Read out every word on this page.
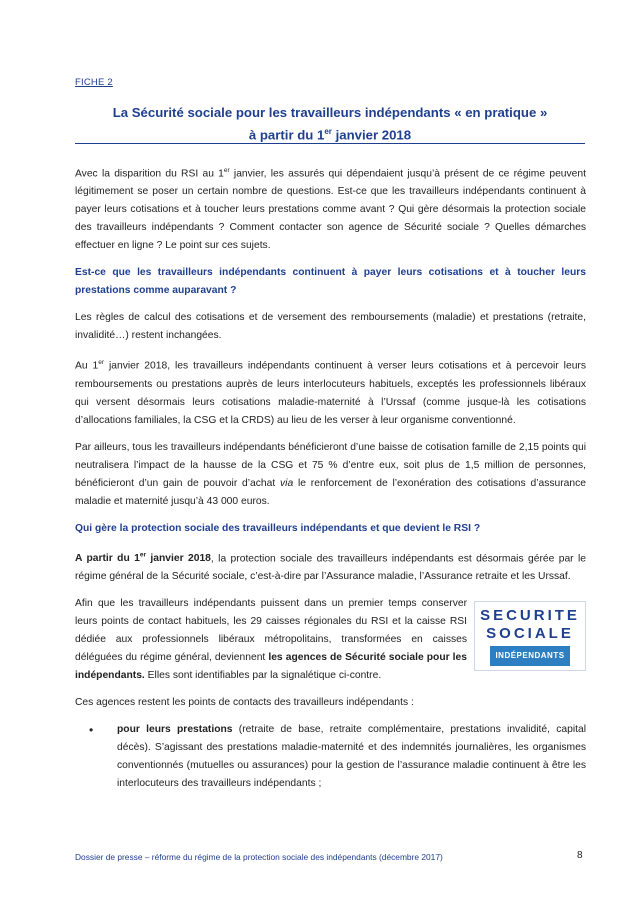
FICHE 2
La Sécurité sociale pour les travailleurs indépendants « en pratique »
à partir du 1er janvier 2018

Avec la disparition du RSI au 1er janvier, les assurés qui dépendaient jusqu’à présent de ce régime peuvent légitimement se poser un certain nombre de questions. Est-ce que les travailleurs indépendants continuent à payer leurs cotisations et à toucher leurs prestations comme avant ? Qui gère désormais la protection sociale des travailleurs indépendants ? Comment contacter son agence de Sécurité sociale ? Quelles démarches effectuer en ligne ? Le point sur ces sujets.

Est-ce que les travailleurs indépendants continuent à payer leurs cotisations et à toucher leurs prestations comme auparavant ?

Les règles de calcul des cotisations et de versement des remboursements (maladie) et prestations (retraite, invalidité…) restent inchangées.

Au 1er janvier 2018, les travailleurs indépendants continuent à verser leurs cotisations et à percevoir leurs remboursements ou prestations auprès de leurs interlocuteurs habituels, exceptés les professionnels libéraux qui versent désormais leurs cotisations maladie-maternité à l’Urssaf (comme jusque-là les cotisations d’allocations familiales, la CSG et la CRDS) au lieu de les verser à leur organisme conventionné.

Par ailleurs, tous les travailleurs indépendants bénéficieront d’une baisse de cotisation famille de 2,15 points qui neutralisera l’impact de la hausse de la CSG et 75 % d’entre eux, soit plus de 1,5 million de personnes, bénéficieront d’un gain de pouvoir d’achat via le renforcement de l’exonération des cotisations d’assurance maladie et maternité jusqu’à 43 000 euros.

Qui gère la protection sociale des travailleurs indépendants et que devient le RSI ?

A partir du 1er janvier 2018, la protection sociale des travailleurs indépendants est désormais gérée par le régime général de la Sécurité sociale, c’est-à-dire par l’Assurance maladie, l’Assurance retraite et les Urssaf.

Afin que les travailleurs indépendants puissent dans un premier temps conserver leurs points de contact habituels, les 29 caisses régionales du RSI et la caisse RSI dédiée aux professionnels libéraux métropolitains, transformées en caisses déléguées du régime général, deviennent les agences de Sécurité sociale pour les indépendants. Elles sont identifiables par la signalétique ci-contre.

SECURITE
SOCIALE
INDÉPENDANTS

Ces agences restent les points de contacts des travailleurs indépendants :

•	pour leurs prestations (retraite de base, retraite complémentaire, prestations invalidité, capital décès). S’agissant des prestations maladie-maternité et des indemnités journalières, les organismes conventionnés (mutuelles ou assurances) pour la gestion de l’assurance maladie continuent à être les interlocuteurs des travailleurs indépendants ;
Dossier de presse – réforme du régime de la protection sociale des indépendants (décembre 2017)	8
